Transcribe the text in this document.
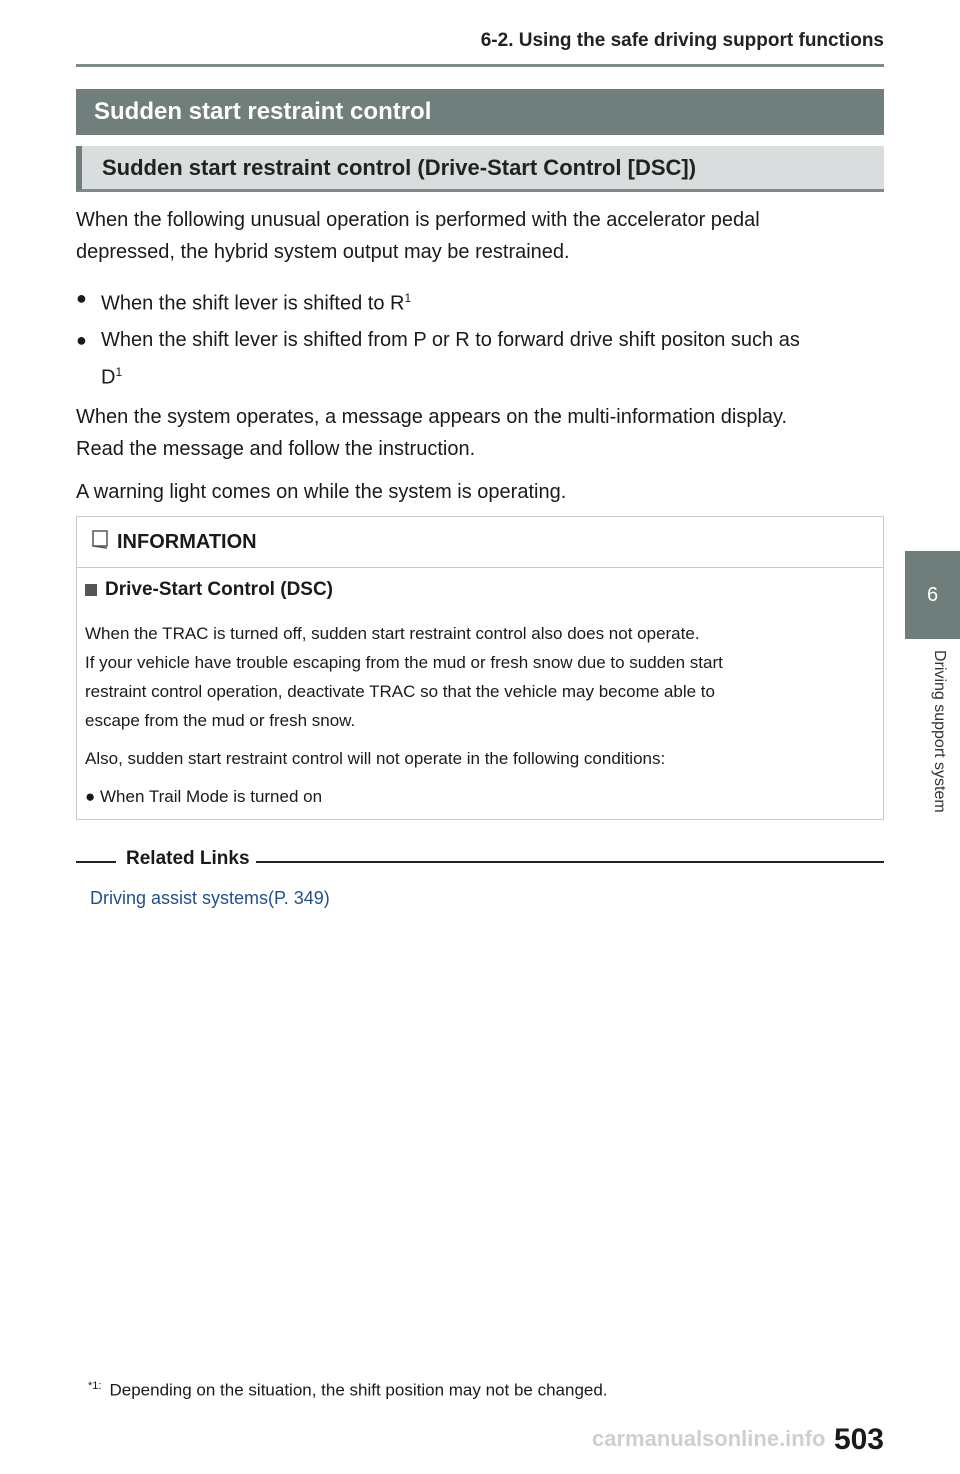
6-2. Using the safe driving support functions
6
Driving support system
Sudden start restraint control
Sudden start restraint control (Drive-Start Control [DSC])
When the following unusual operation is performed with the accelerator pedal
depressed, the hybrid system output may be restrained.
● When the shift lever is shifted to $R^1$
● When the shift lever is shifted from P or R to forward drive shift positon such as
$D^1$
When the system operates, a message appears on the multi-information display.
Read the message and follow the instruction.
A warning light comes on while the system is operating.
INFORMATION
Drive-Start Control (DSC)
When the TRAC is turned off, sudden start restraint control also does not operate.
If your vehicle have trouble escaping from the mud or fresh snow due to sudden start
restraint control operation, deactivate TRAC so that the vehicle may become able to
escape from the mud or fresh snow.
Also, sudden start restraint control will not operate in the following conditions:
● When Trail Mode is turned on
Related Links
Driving assist systems(P. 349)
$^{*1:}$ Depending on the situation, the shift position may not be changed.
carmanualsonline.info 503
